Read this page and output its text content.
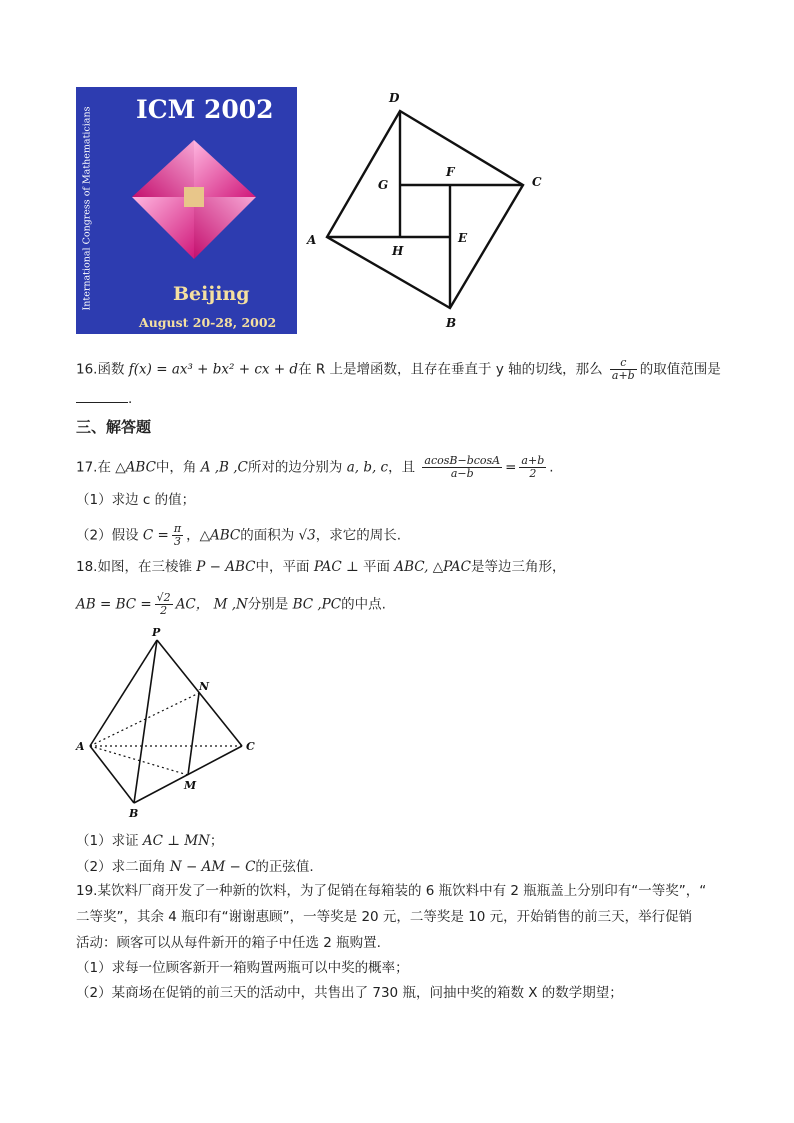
ICM 2002
International Congress of Mathematicians	Beijing
August 20-28, 2002
D
C
B
A
F
G
H
E
16.函数 f(x) = ax³ + bx² + cx + d在 R 上是增函数，且存在垂直于 y 轴的切线，那么 $\frac{c}{a+b}$ 的取值范围是
.
三、解答题
17.在 △ABC中，角 A ,B ,C所对的边分别为 a, b, c，且 $\frac{acosB-bcosA}{a-b} = \frac{a+b}{2}$ .
（1）求边 c 的值；
（2）假设 $C = \frac{\pi}{3}$ ，△ABC的面积为 √3，求它的周长.
18.如图，在三棱锥 P − ABC中，平面 PAC ⊥ 平面 ABC, △PAC是等边三角形，
AB = BC = $\frac{√2}{2}$ AC， M ,N分别是 BC ,PC的中点.
P
N
A	C
M
B
（1）求证 AC ⊥ MN；
（2）求二面角 N − AM − C的正弦值.
19.某饮料厂商开发了一种新的饮料，为了促销在每箱装的 6 瓶饮料中有 2 瓶瓶盖上分别印有“一等奖”，“
二等奖”，其余 4 瓶印有“谢谢惠顾”，一等奖是 20 元，二等奖是 10 元，开始销售的前三天，举行促销
活动：顾客可以从每件新开的箱子中任选 2 瓶购置.
（1）求每一位顾客新开一箱购置两瓶可以中奖的概率；
（2）某商场在促销的前三天的活动中，共售出了 730 瓶，问抽中奖的箱数 X 的数学期望；
